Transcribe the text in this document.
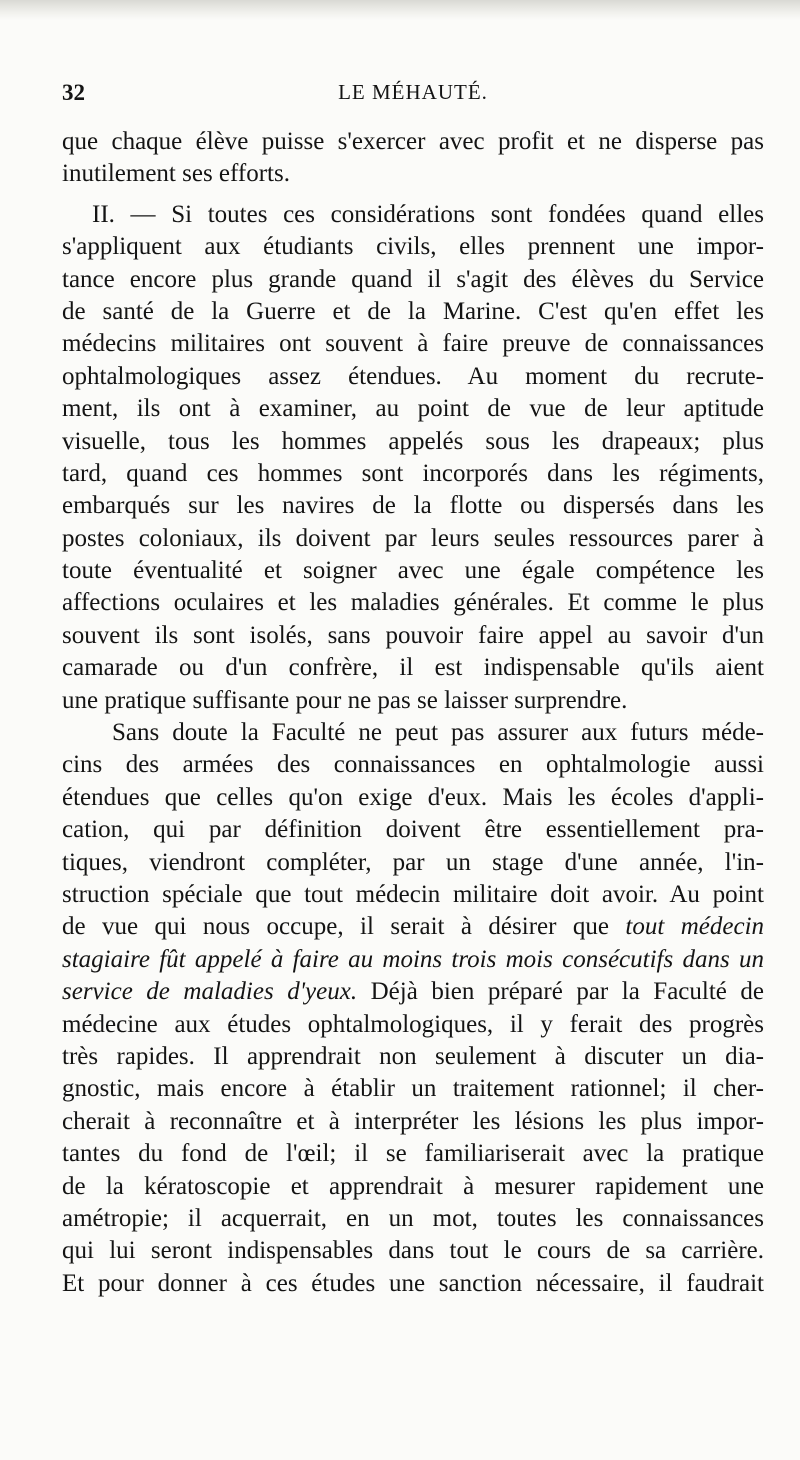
32	LE MÉHAUTÉ.
que chaque élève puisse s'exercer avec profit et ne disperse pas
inutilement ses efforts.
II. — Si toutes ces considérations sont fondées quand elles
s'appliquent aux étudiants civils, elles prennent une impor-
tance encore plus grande quand il s'agit des élèves du Service
de santé de la Guerre et de la Marine. C'est qu'en effet les
médecins militaires ont souvent à faire preuve de connaissances
ophtalmologiques assez étendues. Au moment du recrute-
ment, ils ont à examiner, au point de vue de leur aptitude
visuelle, tous les hommes appelés sous les drapeaux; plus
tard, quand ces hommes sont incorporés dans les régiments,
embarqués sur les navires de la flotte ou dispersés dans les
postes coloniaux, ils doivent par leurs seules ressources parer à
toute éventualité et soigner avec une égale compétence les
affections oculaires et les maladies générales. Et comme le plus
souvent ils sont isolés, sans pouvoir faire appel au savoir d'un
camarade ou d'un confrère, il est indispensable qu'ils aient
une pratique suffisante pour ne pas se laisser surprendre.
Sans doute la Faculté ne peut pas assurer aux futurs méde-
cins des armées des connaissances en ophtalmologie aussi
étendues que celles qu'on exige d'eux. Mais les écoles d'appli-
cation, qui par définition doivent être essentiellement pra-
tiques, viendront compléter, par un stage d'une année, l'in-
struction spéciale que tout médecin militaire doit avoir. Au point
de vue qui nous occupe, il serait à désirer que tout médecin
stagiaire fût appelé à faire au moins trois mois consécutifs dans un
service de maladies d'yeux. Déjà bien préparé par la Faculté de
médecine aux études ophtalmologiques, il y ferait des progrès
très rapides. Il apprendrait non seulement à discuter un dia-
gnostic, mais encore à établir un traitement rationnel; il cher-
cherait à reconnaître et à interpréter les lésions les plus impor-
tantes du fond de l'œil; il se familiariserait avec la pratique
de la kératoscopie et apprendrait à mesurer rapidement une
amétropie; il acquerrait, en un mot, toutes les connaissances
qui lui seront indispensables dans tout le cours de sa carrière.
Et pour donner à ces études une sanction nécessaire, il faudrait
